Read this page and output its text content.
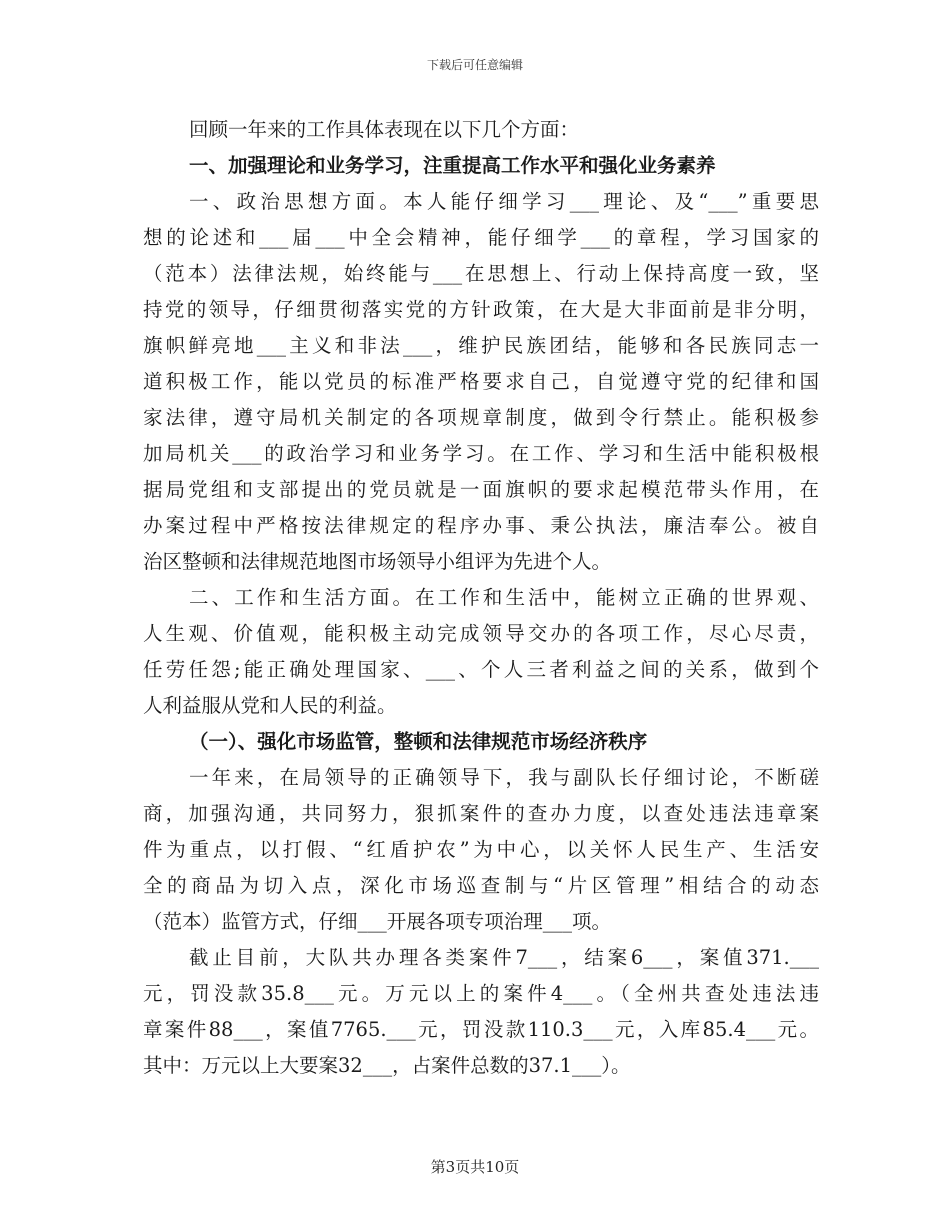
下载后可任意编辑
回顾一年来的工作具体表现在以下几个方面：
一、加强理论和业务学习，注重提高工作水平和强化业务素养
一、政治思想方面。本人能仔细学习___理论、及“___”重要思
想的论述和___届___中全会精神，能仔细学___的章程，学习国家的
（范本）法律法规，始终能与___在思想上、行动上保持高度一致，坚
持党的领导，仔细贯彻落实党的方针政策，在大是大非面前是非分明，
旗帜鲜亮地___主义和非法___，维护民族团结，能够和各民族同志一
道积极工作，能以党员的标准严格要求自己，自觉遵守党的纪律和国
家法律，遵守局机关制定的各项规章制度，做到令行禁止。能积极参
加局机关___的政治学习和业务学习。在工作、学习和生活中能积极根
据局党组和支部提出的党员就是一面旗帜的要求起模范带头作用，在
办案过程中严格按法律规定的程序办事、秉公执法，廉洁奉公。被自
治区整顿和法律规范地图市场领导小组评为先进个人。
二、工作和生活方面。在工作和生活中，能树立正确的世界观、
人生观、价值观，能积极主动完成领导交办的各项工作，尽心尽责，
任劳任怨;能正确处理国家、___、个人三者利益之间的关系，做到个
人利益服从党和人民的利益。
（一）、强化市场监管，整顿和法律规范市场经济秩序
一年来，在局领导的正确领导下，我与副队长仔细讨论，不断磋
商，加强沟通，共同努力，狠抓案件的查办力度，以查处违法违章案
件为重点，以打假、“红盾护农”为中心，以关怀人民生产、生活安
全的商品为切入点，深化市场巡查制与“片区管理”相结合的动态
（范本）监管方式，仔细___开展各项专项治理___项。
截止目前，大队共办理各类案件7___，结案6___，案值371.___
元，罚没款35.8___元。万元以上的案件4___。（全州共查处违法违
章案件88___，案值7765.___元，罚没款110.3___元，入库85.4___元。
其中：万元以上大要案32___，占案件总数的37.1___）。
第3页共10页
